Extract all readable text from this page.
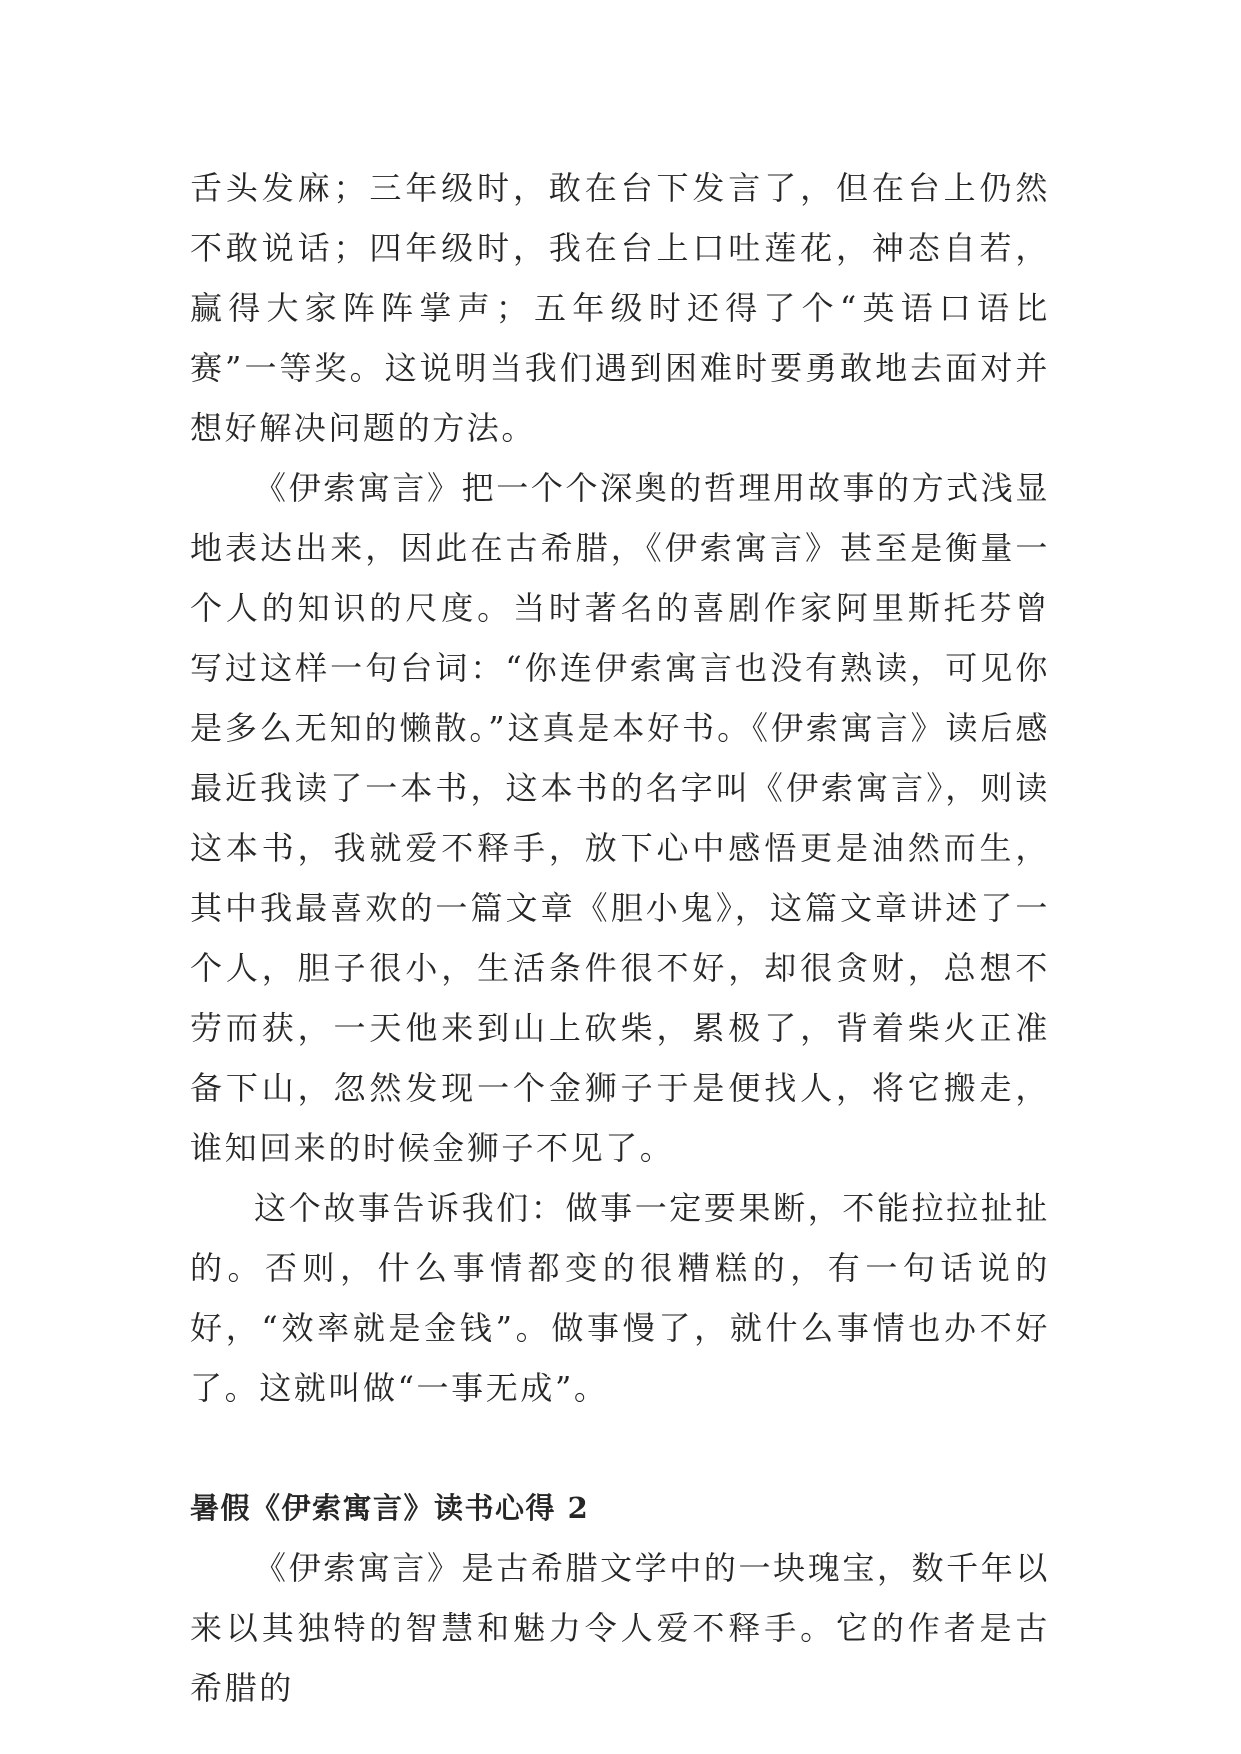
舌头发麻；三年级时，敢在台下发言了，但在台上仍然不敢说话；四年级时，我在台上口吐莲花，神态自若，赢得大家阵阵掌声；五年级时还得了个“英语口语比赛”一等奖。这说明当我们遇到困难时要勇敢地去面对并想好解决问题的方法。

《伊索寓言》把一个个深奥的哲理用故事的方式浅显地表达出来，因此在古希腊，《伊索寓言》甚至是衡量一个人的知识的尺度。当时著名的喜剧作家阿里斯托芬曾写过这样一句台词：“你连伊索寓言也没有熟读，可见你是多么无知的懒散。”这真是本好书。《伊索寓言》读后感最近我读了一本书，这本书的名字叫《伊索寓言》，则读这本书，我就爱不释手，放下心中感悟更是油然而生，其中我最喜欢的一篇文章《胆小鬼》，这篇文章讲述了一个人，胆子很小，生活条件很不好，却很贪财，总想不劳而获，一天他来到山上砍柴，累极了，背着柴火正准备下山，忽然发现一个金狮子于是便找人，将它搬走，谁知回来的时候金狮子不见了。

这个故事告诉我们：做事一定要果断，不能拉拉扯扯的。否则，什么事情都变的很糟糕的，有一句话说的好，“效率就是金钱”。做事慢了，就什么事情也办不好了。这就叫做“一事无成”。

暑假《伊索寓言》读书心得 2

《伊索寓言》是古希腊文学中的一块瑰宝，数千年以来以其独特的智慧和魅力令人爱不释手。它的作者是古希腊的
